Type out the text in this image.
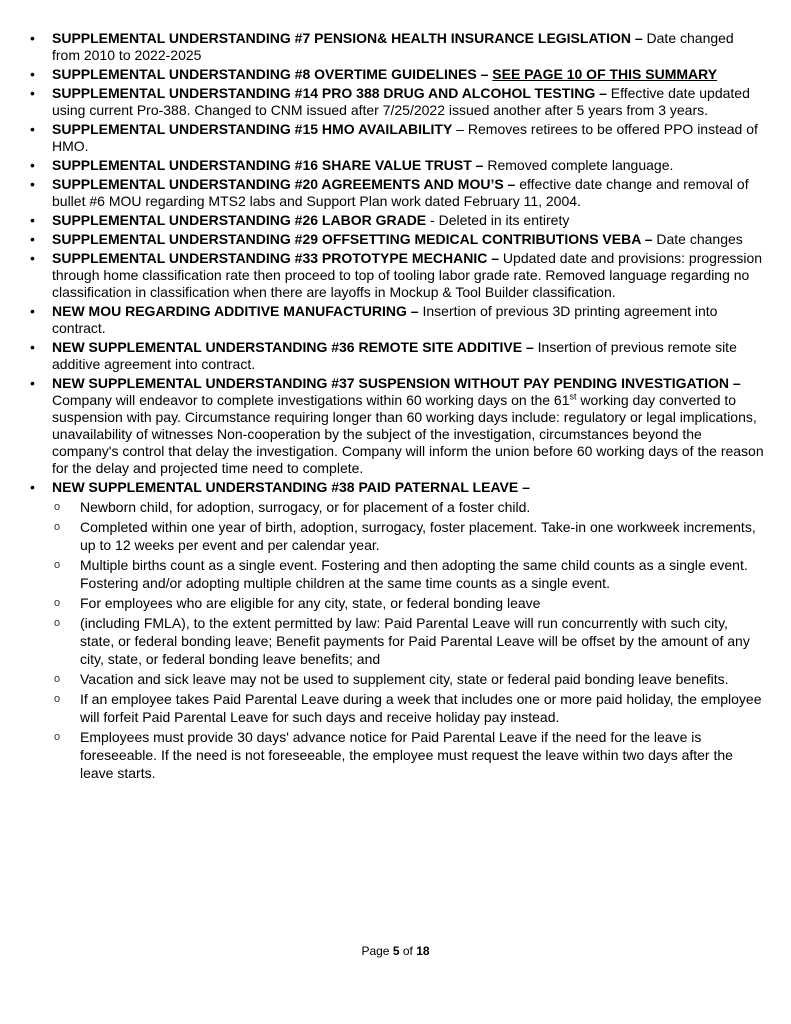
• SUPPLEMENTAL UNDERSTANDING #7 PENSION& HEALTH INSURANCE LEGISLATION – Date changed from 2010 to 2022-2025
• SUPPLEMENTAL UNDERSTANDING #8 OVERTIME GUIDELINES – SEE PAGE 10 OF THIS SUMMARY
• SUPPLEMENTAL UNDERSTANDING #14 PRO 388 DRUG AND ALCOHOL TESTING – Effective date updated using current Pro-388. Changed to CNM issued after 7/25/2022 issued another after 5 years from 3 years.
• SUPPLEMENTAL UNDERSTANDING #15 HMO AVAILABILITY – Removes retirees to be offered PPO instead of HMO.
• SUPPLEMENTAL UNDERSTANDING #16 SHARE VALUE TRUST – Removed complete language.
• SUPPLEMENTAL UNDERSTANDING #20 AGREEMENTS AND MOU’S – effective date change and removal of bullet #6 MOU regarding MTS2 labs and Support Plan work dated February 11, 2004.
• SUPPLEMENTAL UNDERSTANDING #26 LABOR GRADE - Deleted in its entirety
• SUPPLEMENTAL UNDERSTANDING #29 OFFSETTING MEDICAL CONTRIBUTIONS VEBA – Date changes
• SUPPLEMENTAL UNDERSTANDING #33 PROTOTYPE MECHANIC – Updated date and provisions: progression through home classification rate then proceed to top of tooling labor grade rate. Removed language regarding no classification in classification when there are layoffs in Mockup & Tool Builder classification.
• NEW MOU REGARDING ADDITIVE MANUFACTURING – Insertion of previous 3D printing agreement into contract.
• NEW SUPPLEMENTAL UNDERSTANDING #36 REMOTE SITE ADDITIVE – Insertion of previous remote site additive agreement into contract.
• NEW SUPPLEMENTAL UNDERSTANDING #37 SUSPENSION WITHOUT PAY PENDING INVESTIGATION – Company will endeavor to complete investigations within 60 working days on the 61st working day converted to suspension with pay. Circumstance requiring longer than 60 working days include: regulatory or legal implications, unavailability of witnesses Non-cooperation by the subject of the investigation, circumstances beyond the company's control that delay the investigation. Company will inform the union before 60 working days of the reason for the delay and projected time need to complete.
• NEW SUPPLEMENTAL UNDERSTANDING #38 PAID PATERNAL LEAVE –
o Newborn child, for adoption, surrogacy, or for placement of a foster child.
o Completed within one year of birth, adoption, surrogacy, foster placement. Take-in one workweek increments, up to 12 weeks per event and per calendar year.
o Multiple births count as a single event. Fostering and then adopting the same child counts as a single event. Fostering and/or adopting multiple children at the same time counts as a single event.
o For employees who are eligible for any city, state, or federal bonding leave
o (including FMLA), to the extent permitted by law: Paid Parental Leave will run concurrently with such city, state, or federal bonding leave; Benefit payments for Paid Parental Leave will be offset by the amount of any city, state, or federal bonding leave benefits; and
o Vacation and sick leave may not be used to supplement city, state or federal paid bonding leave benefits.
o If an employee takes Paid Parental Leave during a week that includes one or more paid holiday, the employee will forfeit Paid Parental Leave for such days and receive holiday pay instead.
o Employees must provide 30 days' advance notice for Paid Parental Leave if the need for the leave is foreseeable. If the need is not foreseeable, the employee must request the leave within two days after the leave starts.
Page 5 of 18
